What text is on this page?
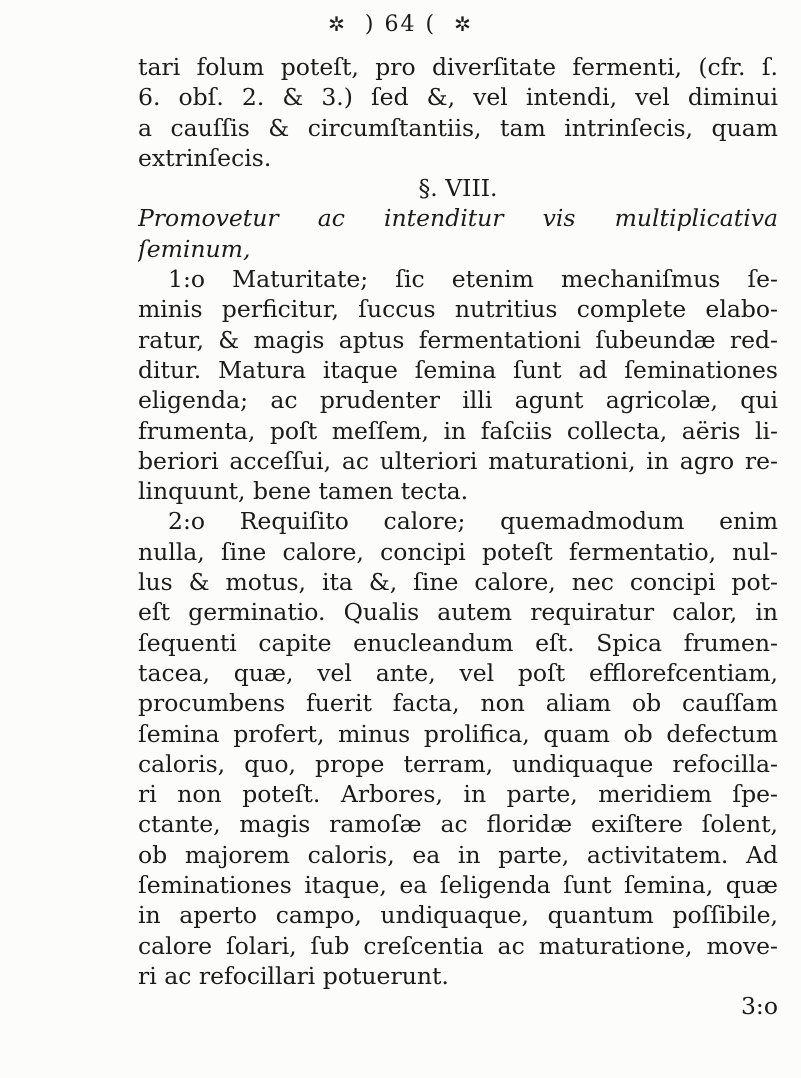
✲ ) 64 ( ✲
tari folum poteſt, pro diverſitate fermenti, (cfr. ſ.
6. obſ. 2. & 3.) ſed &, vel intendi, vel diminui
a cauſſis & circumſtantiis, tam intrinſecis, quam
extrinſecis.
§. VIII.
Promovetur ac intenditur vis multiplicativa
ſeminum,
1:o Maturitate; ſic etenim mechaniſmus ſe-
minis perficitur, ſuccus nutritius complete elabo-
ratur, & magis aptus fermentationi ſubeundæ red-
ditur. Matura itaque ſemina ſunt ad ſeminationes
eligenda; ac prudenter illi agunt agricolæ, qui
frumenta, poſt meſſem, in faſciis collecta, aëris li-
beriori acceſſui, ac ulteriori maturationi, in agro re-
linquunt, bene tamen tecta.
2:o Requiſito calore; quemadmodum enim
nulla, ſine calore, concipi poteſt fermentatio, nul-
lus & motus, ita &, ſine calore, nec concipi pot-
eſt germinatio. Qualis autem requiratur calor, in
ſequenti capite enucleandum eſt. Spica frumen-
tacea, quæ, vel ante, vel poſt efflorefcentiam,
procumbens fuerit facta, non aliam ob cauſſam
ſemina profert, minus prolifica, quam ob defectum
caloris, quo, prope terram, undiquaque refocilla-
ri non poteſt. Arbores, in parte, meridiem ſpe-
ctante, magis ramoſæ ac floridæ exiſtere ſolent,
ob majorem caloris, ea in parte, activitatem. Ad
ſeminationes itaque, ea ſeligenda ſunt ſemina, quæ
in aperto campo, undiquaque, quantum poſſibile,
calore ſolari, ſub creſcentia ac maturatione, move-
ri ac refocillari potuerunt.
3:o
